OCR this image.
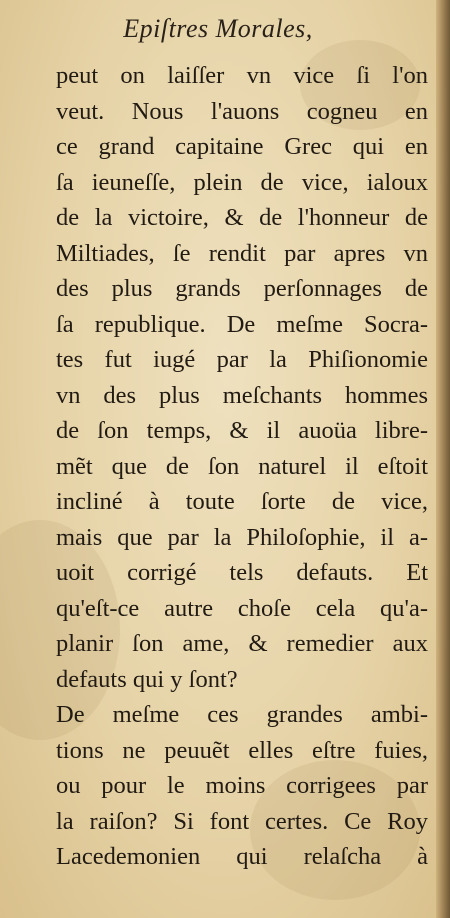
Epiſtres Morales,
peut on laiſſer vn vice ſi l'on
veut. Nous l'auons cogneu en
ce grand capitaine Grec qui en
ſa ieuneſſe, plein de vice, ialoux
de la victoire, & de l'honneur de
Miltiades, ſe rendit par apres vn
des plus grands perſonnages de
ſa republique. De meſme Socra-
tes fut iugé par la Phiſionomie
vn des plus meſchants hommes
de ſon temps, & il auoüa libre-
mẽt que de ſon naturel il eſtoit
incliné à toute ſorte de vice,
mais que par la Philoſophie, il a-
uoit corrigé tels defauts. Et
qu'eſt-ce autre choſe cela qu'a-
planir ſon ame, & remedier aux
defauts qui y ſont?
De meſme ces grandes ambi-
tions ne peuuẽt elles eſtre fuies,
ou pour le moins corrigees par
la raiſon? Si font certes. Ce Roy
Lacedemonien qui relaſcha à
